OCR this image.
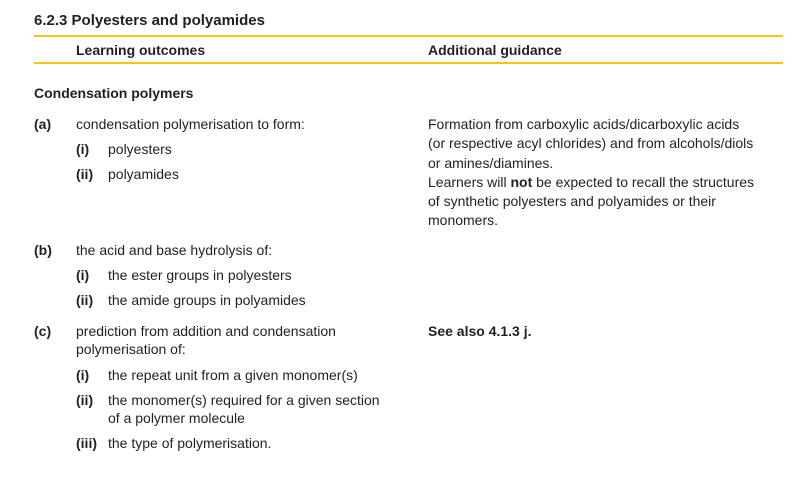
6.2.3 Polyesters and polyamides
Learning outcomes	Additional guidance
Condensation polymers
(a) condensation polymerisation to form:
(i) polyesters
(ii) polyamides
Formation from carboxylic acids/dicarboxylic acids
(or respective acyl chlorides) and from alcohols/diols
or amines/diamines.
Learners will not be expected to recall the structures
of synthetic polyesters and polyamides or their
monomers.
(b) the acid and base hydrolysis of:
(i) the ester groups in polyesters
(ii) the amide groups in polyamides
(c) prediction from addition and condensation
polymerisation of:
See also 4.1.3 j.
(i) the repeat unit from a given monomer(s)
(ii) the monomer(s) required for a given section
of a polymer molecule
(iii) the type of polymerisation.
